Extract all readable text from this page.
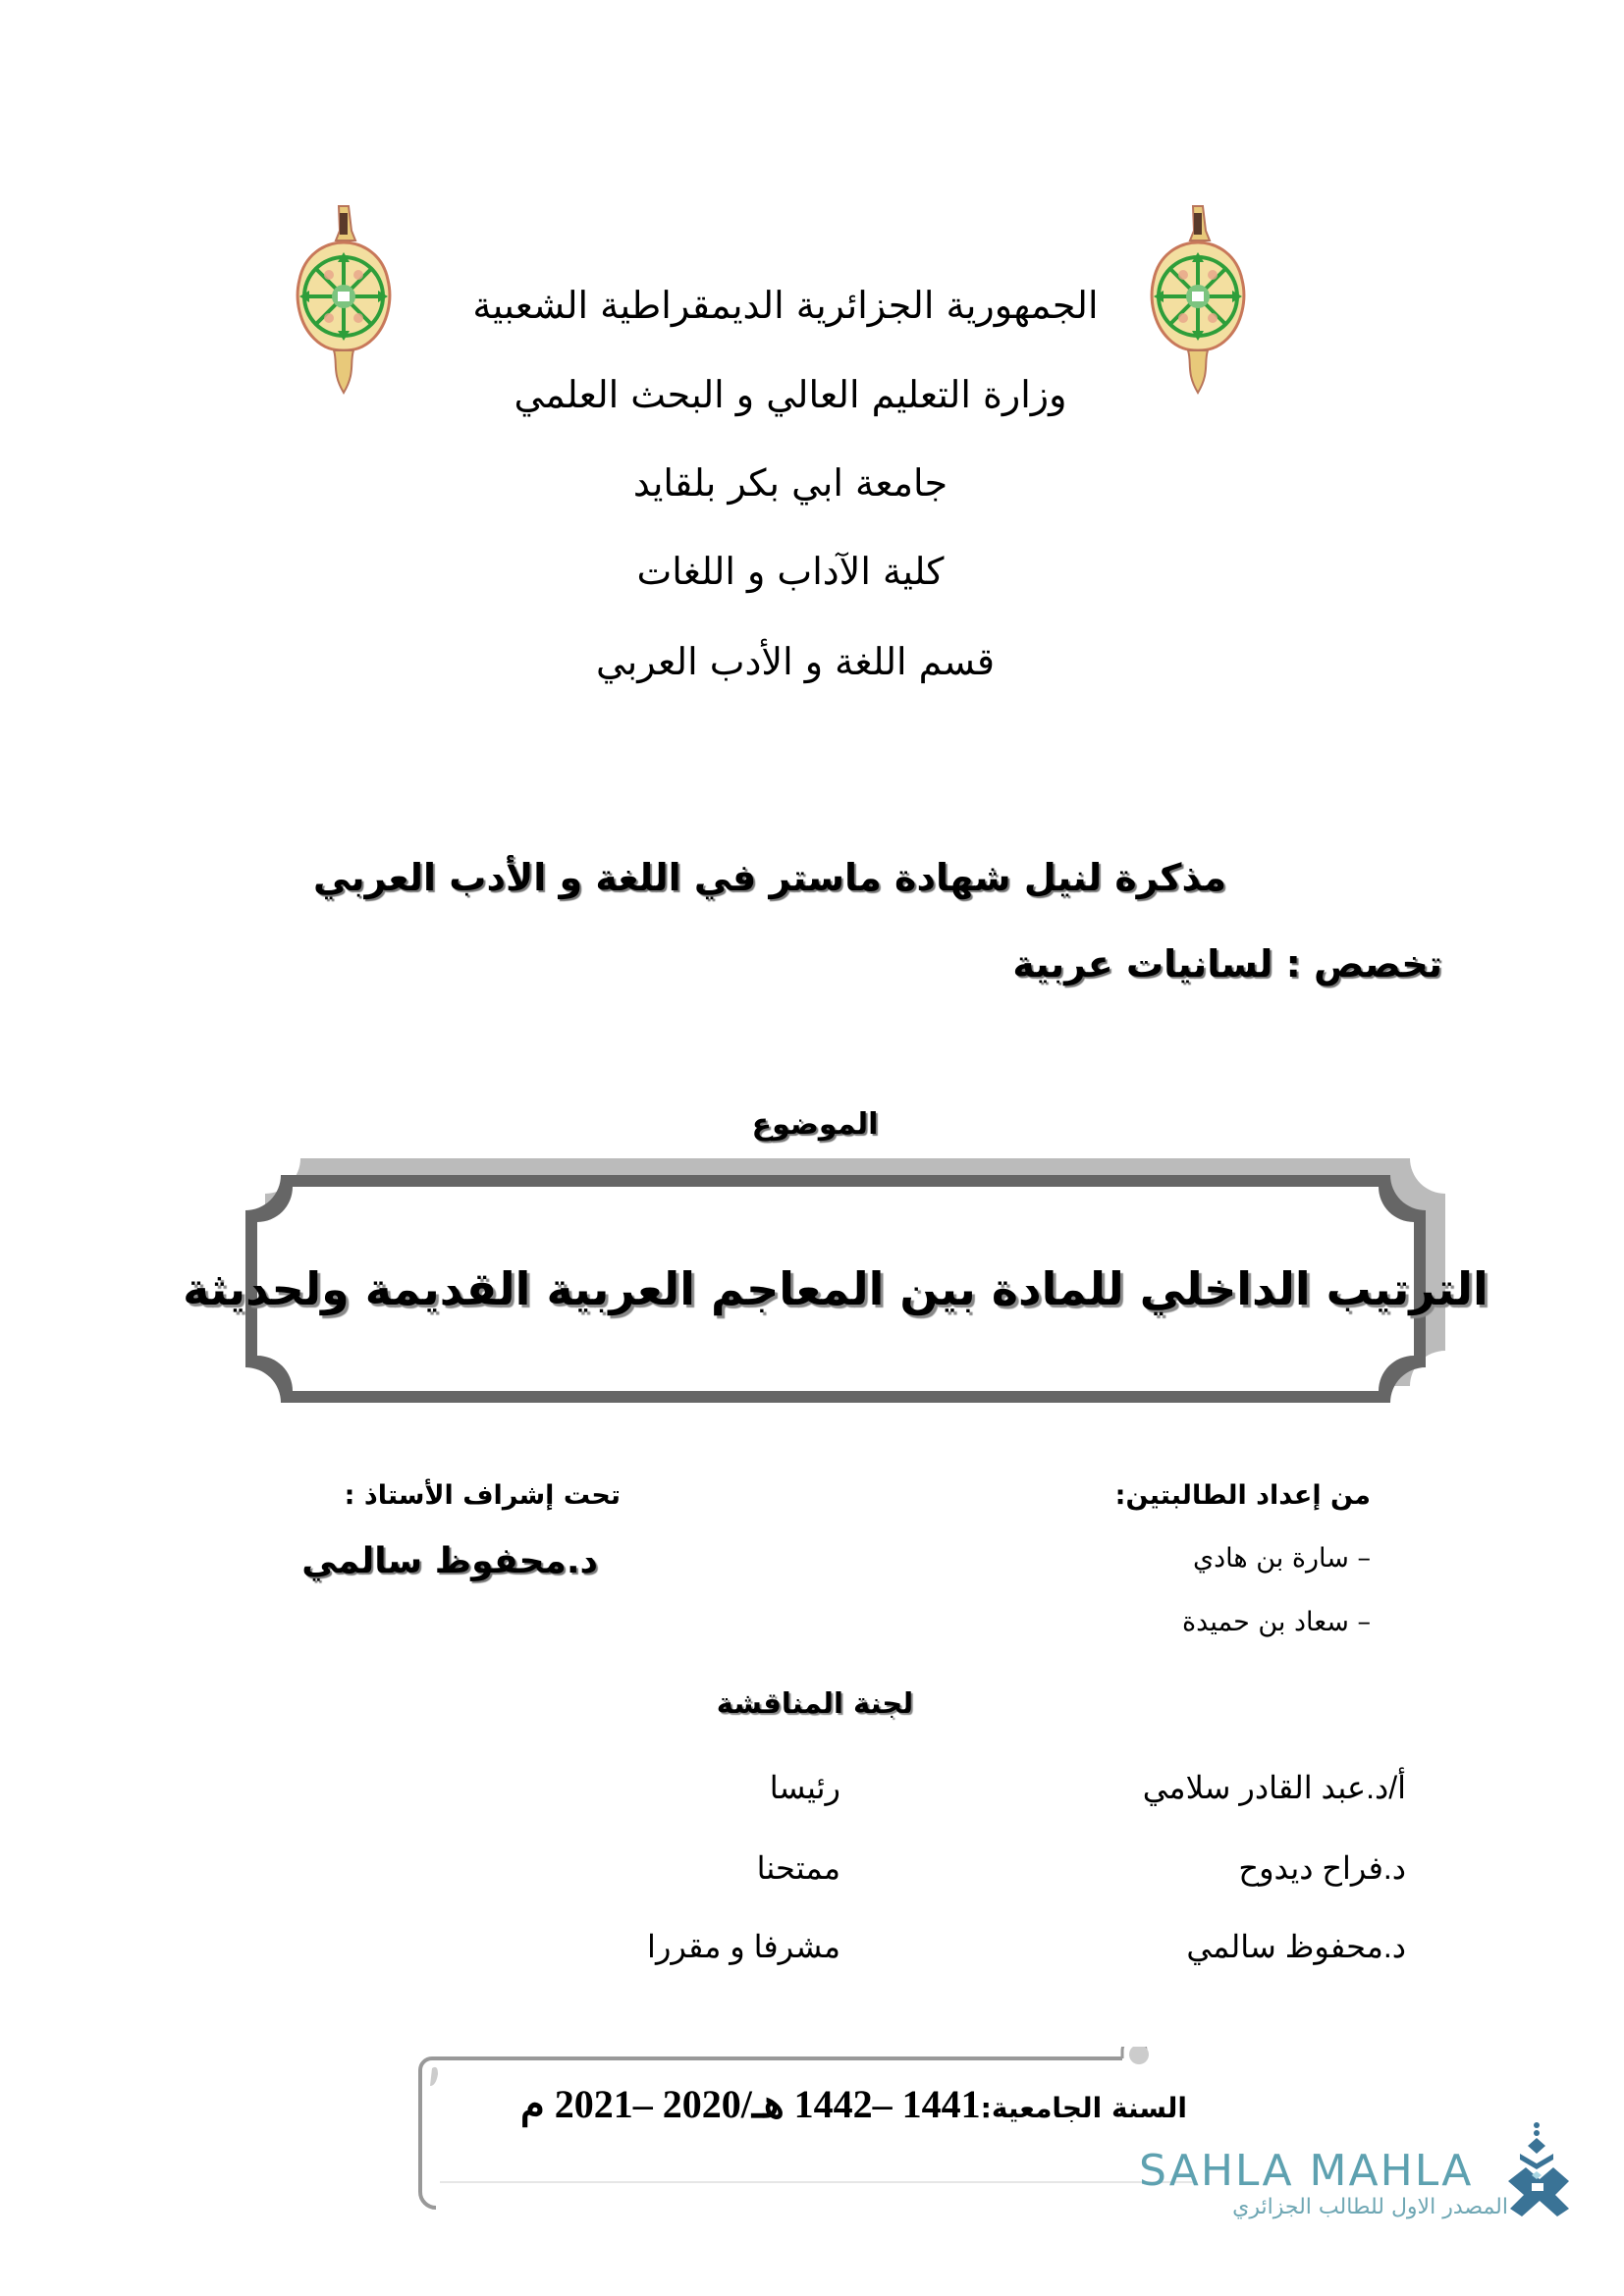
الجمهورية الجزائرية الديمقراطية الشعبية
وزارة التعليم العالي و البحث العلمي
جامعة ابي بكر بلقايد
كلية الآداب و اللغات
قسم اللغة و الأدب العربي
مذكرة لنيل شهادة ماستر في اللغة و الأدب العربي
تخصص : لسانيات عربية
الموضوع
الترتيب الداخلي للمادة بين المعاجم العربية القديمة ولحديثة
من إعداد الطالبتين:
– سارة بن هادي
– سعاد بن حميدة
تحت إشراف الأستاذ :
د.محفوظ سالمي
لجنة المناقشة
أ/د.عبد القادر سلامي
رئيسا
د.فراح ديدوح
ممتحنا
د.محفوظ سالمي
مشرفا و مقررا
السنة الجامعية:1441 –1442 هـ/2020 –2021 م
SAHLA MAHLA
المصدر الاول للطالب الجزائري
